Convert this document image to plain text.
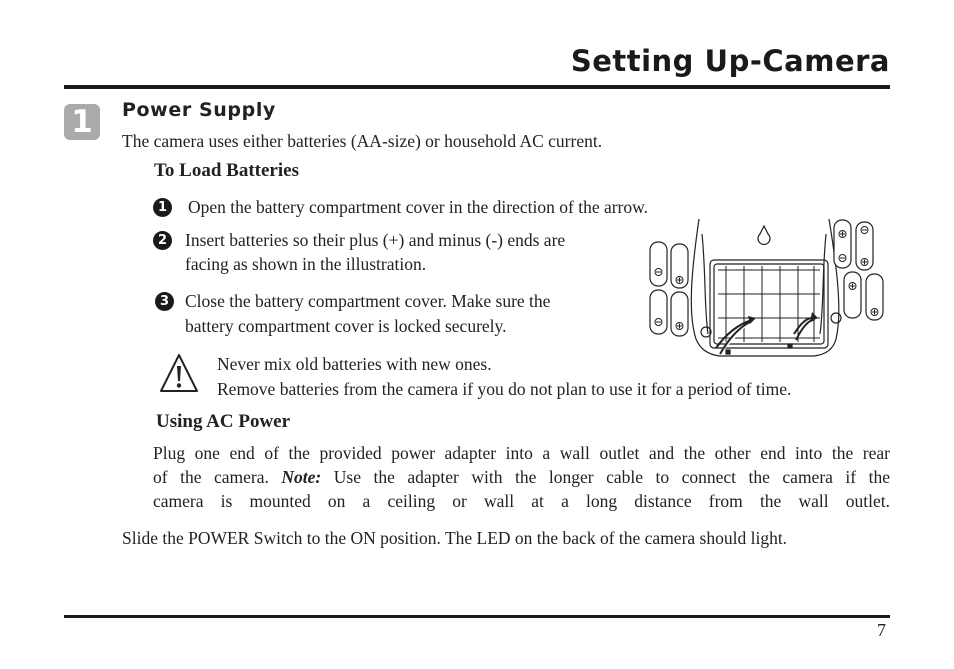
Setting Up-Camera
1	Power Supply
The camera uses either batteries (AA-size) or household AC current.
To Load Batteries
1 Open the battery compartment cover in the direction of the arrow.
2 Insert batteries so their plus (+) and minus (-) ends are
facing as shown in the illustration.
3 Close the battery compartment cover. Make sure the
battery compartment cover is locked securely.
Never mix old batteries with new ones.
Remove batteries from the camera if you do not plan to use it for a period of time.
Using AC Power
Plug one end of the provided power adapter into a wall outlet and the other end into the rear
of the camera. Note: Use the adapter with the longer cable to connect the camera if the
camera is mounted on a ceiling or wall at a long distance from the wall outlet.
Slide the POWER Switch to the ON position. The LED on the back of the camera should light.
7
